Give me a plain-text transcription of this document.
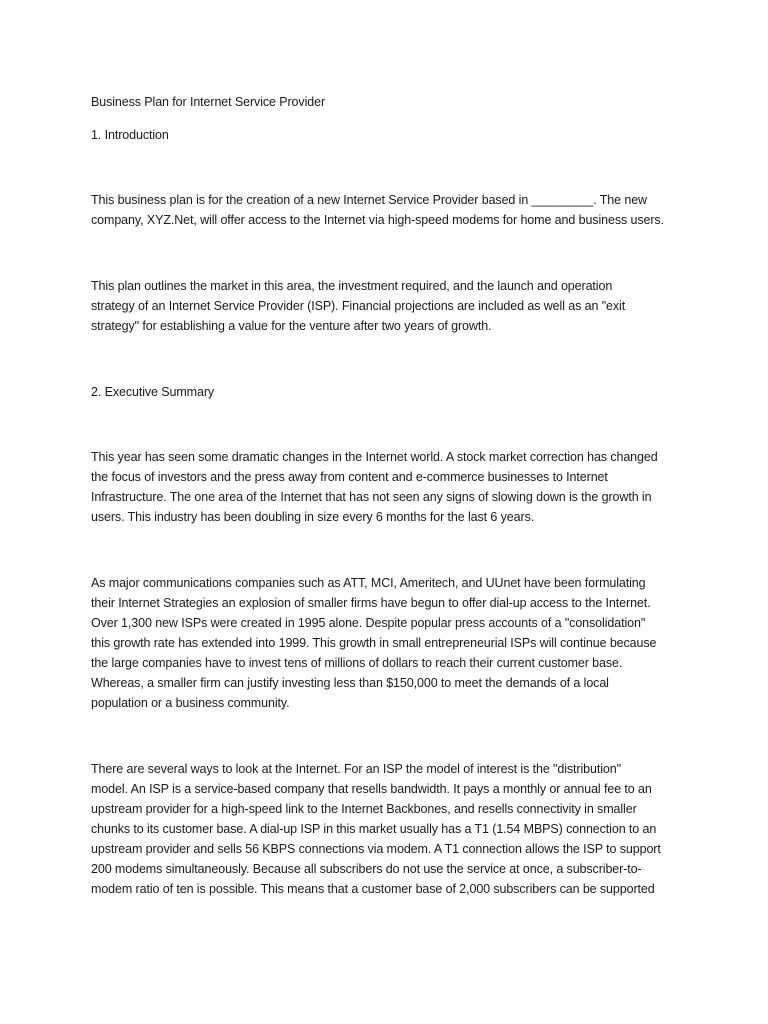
Business Plan for Internet Service Provider

1. Introduction

This business plan is for the creation of a new Internet Service Provider based in _________. The new

company, XYZ.Net, will offer access to the Internet via high-speed modems for home and business users.

This plan outlines the market in this area, the investment required, and the launch and operation

strategy of an Internet Service Provider (ISP). Financial projections are included as well as an "exit

strategy" for establishing a value for the venture after two years of growth.

2. Executive Summary

This year has seen some dramatic changes in the Internet world. A stock market correction has changed

the focus of investors and the press away from content and e-commerce businesses to Internet

Infrastructure. The one area of the Internet that has not seen any signs of slowing down is the growth in

users. This industry has been doubling in size every 6 months for the last 6 years.

As major communications companies such as ATT, MCI, Ameritech, and UUnet have been formulating

their Internet Strategies an explosion of smaller firms have begun to offer dial-up access to the Internet.

Over 1,300 new ISPs were created in 1995 alone. Despite popular press accounts of a "consolidation"

this growth rate has extended into 1999. This growth in small entrepreneurial ISPs will continue because

the large companies have to invest tens of millions of dollars to reach their current customer base.

Whereas, a smaller firm can justify investing less than $150,000 to meet the demands of a local

population or a business community.

There are several ways to look at the Internet. For an ISP the model of interest is the "distribution"

model. An ISP is a service-based company that resells bandwidth. It pays a monthly or annual fee to an

upstream provider for a high-speed link to the Internet Backbones, and resells connectivity in smaller

chunks to its customer base. A dial-up ISP in this market usually has a T1 (1.54 MBPS) connection to an

upstream provider and sells 56 KBPS connections via modem. A T1 connection allows the ISP to support

200 modems simultaneously. Because all subscribers do not use the service at once, a subscriber-to-

modem ratio of ten is possible. This means that a customer base of 2,000 subscribers can be supported
